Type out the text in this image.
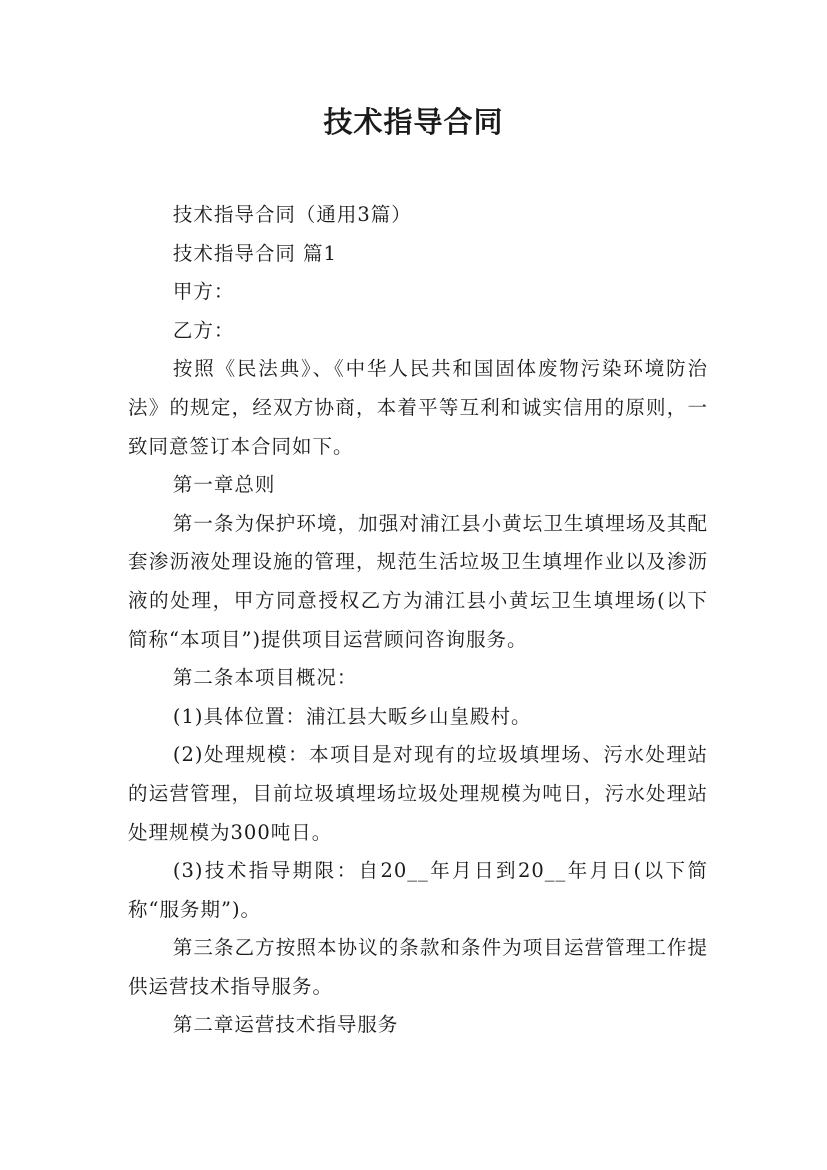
技术指导合同

技术指导合同（通用3篇）

技术指导合同 篇1

甲方：

乙方：

按照《民法典》、《中华人民共和国固体废物污染环境防治法》的规定，经双方协商，本着平等互利和诚实信用的原则，一致同意签订本合同如下。

第一章总则

第一条为保护环境，加强对浦江县小黄坛卫生填埋场及其配套渗沥液处理设施的管理，规范生活垃圾卫生填埋作业以及渗沥液的处理，甲方同意授权乙方为浦江县小黄坛卫生填埋场(以下简称“本项目”)提供项目运营顾问咨询服务。

第二条本项目概况：

(1)具体位置：浦江县大畈乡山皇殿村。

(2)处理规模：本项目是对现有的垃圾填埋场、污水处理站的运营管理，目前垃圾填埋场垃圾处理规模为吨日，污水处理站处理规模为300吨日。

(3)技术指导期限：自20__年月日到20__年月日(以下简称“服务期”)。

第三条乙方按照本协议的条款和条件为项目运营管理工作提供运营技术指导服务。

第二章运营技术指导服务
